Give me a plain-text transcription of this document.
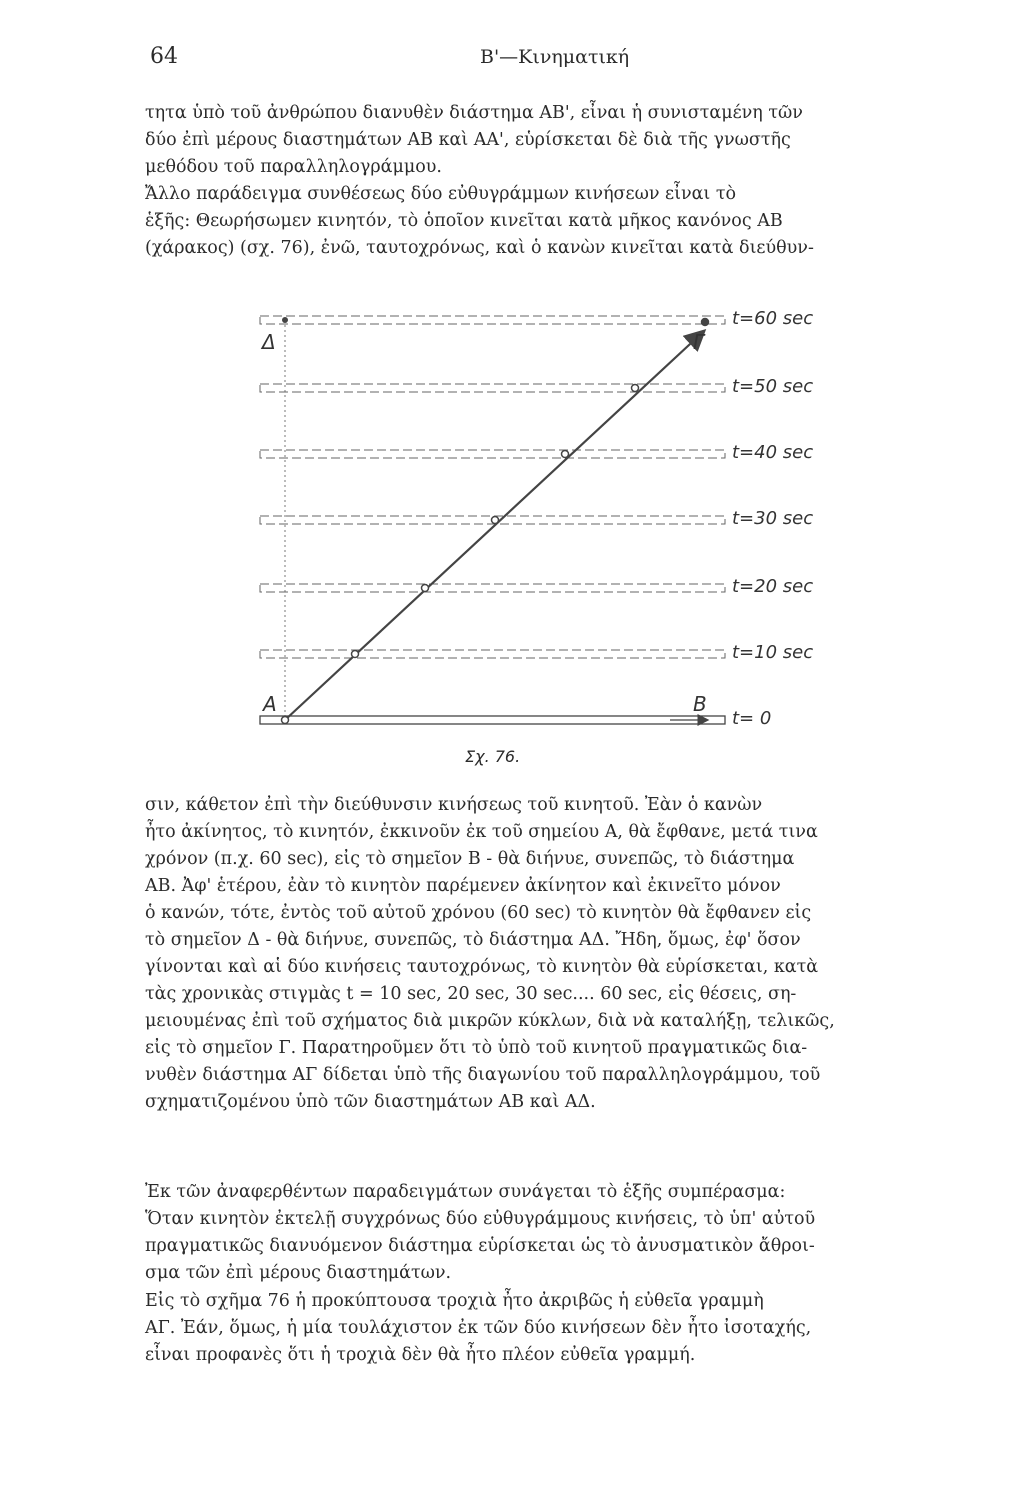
64	B'—Κινηματική
τητα ὑπὸ τοῦ ἀνθρώπου διανυθὲν διάστημα ΑΒ', εἶναι ἡ συνισταμένη τῶν
δύο ἐπὶ μέρους διαστημάτων ΑΒ καὶ ΑΑ', εὑρίσκεται δὲ διὰ τῆς γνωστῆς
μεθόδου τοῦ παραλληλογράμμου.
Ἄλλο παράδειγμα συνθέσεως δύο εὐθυγράμμων κινήσεων εἶναι τὸ
ἑξῆς: Θεωρήσωμεν κινητόν, τὸ ὁποῖον κινεῖται κατὰ μῆκος κανόνος ΑΒ
(χάρακος) (σχ. 76), ἐνῶ, ταυτοχρόνως, καὶ ὁ κανὼν κινεῖται κατὰ διεύθυν-
Δ	Γ
Α	Β
t=60 sec
t=50 sec
t=40 sec
t=30 sec
t=20 sec
t=10 sec
t= 0
Σχ. 76.
σιν, κάθετον ἐπὶ τὴν διεύθυνσιν κινήσεως τοῦ κινητοῦ. Ἐὰν ὁ κανὼν
ἦτο ἀκίνητος, τὸ κινητόν, ἐκκινοῦν ἐκ τοῦ σημείου Α, θὰ ἔφθανε, μετά τινα
χρόνον (π.χ. 60 sec), εἰς τὸ σημεῖον Β - θὰ διήνυε, συνεπῶς, τὸ διάστημα
ΑΒ. Ἀφ' ἑτέρου, ἐὰν τὸ κινητὸν παρέμενεν ἀκίνητον καὶ ἐκινεῖτο μόνον
ὁ κανών, τότε, ἐντὸς τοῦ αὐτοῦ χρόνου (60 sec) τὸ κινητὸν θὰ ἔφθανεν εἰς
τὸ σημεῖον Δ - θὰ διήνυε, συνεπῶς, τὸ διάστημα ΑΔ. Ἤδη, ὅμως, ἐφ' ὅσον
γίνονται καὶ αἱ δύο κινήσεις ταυτοχρόνως, τὸ κινητὸν θὰ εὑρίσκεται, κατὰ
τὰς χρονικὰς στιγμὰς t = 10 sec, 20 sec, 30 sec.... 60 sec, εἰς θέσεις, ση-
μειουμένας ἐπὶ τοῦ σχήματος διὰ μικρῶν κύκλων, διὰ νὰ καταλήξῃ, τελικῶς,
εἰς τὸ σημεῖον Γ. Παρατηροῦμεν ὅτι τὸ ὑπὸ τοῦ κινητοῦ πραγματικῶς δια-
νυθὲν διάστημα ΑΓ δίδεται ὑπὸ τῆς διαγωνίου τοῦ παραλληλογράμμου, τοῦ
σχηματιζομένου ὑπὸ τῶν διαστημάτων ΑΒ καὶ ΑΔ.
Ἐκ τῶν ἀναφερθέντων παραδειγμάτων συνάγεται τὸ ἑξῆς συμπέρασμα:
Ὅταν κινητὸν ἐκτελῇ συγχρόνως δύο εὐθυγράμμους κινήσεις, τὸ ὑπ' αὐτοῦ
πραγματικῶς διανυόμενον διάστημα εὑρίσκεται ὡς τὸ ἀνυσματικὸν ἄθροι-
σμα τῶν ἐπὶ μέρους διαστημάτων.
Εἰς τὸ σχῆμα 76 ἡ προκύπτουσα τροχιὰ ἦτο ἀκριβῶς ἡ εὐθεῖα γραμμὴ
ΑΓ. Ἐάν, ὅμως, ἡ μία τουλάχιστον ἐκ τῶν δύο κινήσεων δὲν ἦτο ἰσοταχής,
εἶναι προφανὲς ὅτι ἡ τροχιὰ δὲν θὰ ἦτο πλέον εὐθεῖα γραμμή.
